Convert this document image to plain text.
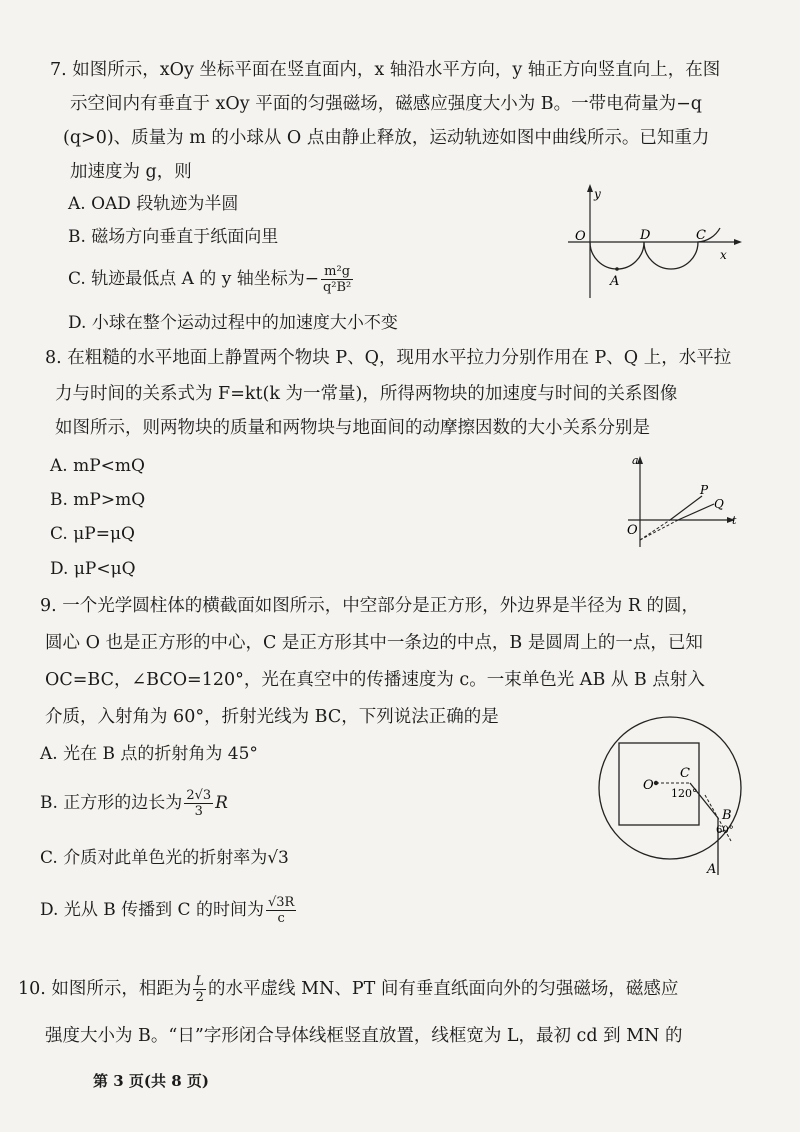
7. 如图所示，xOy 坐标平面在竖直面内，x 轴沿水平方向，y 轴正方向竖直向上，在图
示空间内有垂直于 xOy 平面的匀强磁场，磁感应强度大小为 B。一带电荷量为−q
(q>0)、质量为 m 的小球从 O 点由静止释放，运动轨迹如图中曲线所示。已知重力
加速度为 g，则
A. OAD 段轨迹为半圆
B. 磁场方向垂直于纸面向里
C. 轨迹最低点 A 的 y 轴坐标为− $\frac{\text{m²g}}{\text{q²B²}}$
D. 小球在整个运动过程中的加速度大小不变
y
x
O	D	C
A
8. 在粗糙的水平地面上静置两个物块 P、Q，现用水平拉力分别作用在 P、Q 上，水平拉
力与时间的关系式为 F=kt(k 为一常量)，所得两物块的加速度与时间的关系图像
如图所示，则两物块的质量和两物块与地面间的动摩擦因数的大小关系分别是
A. mP<mQ
B. mP>mQ
C. μP=μQ
D. μP<μQ
a
t
O
P
Q
9. 一个光学圆柱体的横截面如图所示，中空部分是正方形，外边界是半径为 R 的圆，
圆心 O 也是正方形的中心，C 是正方形其中一条边的中点，B 是圆周上的一点，已知
OC=BC，∠BCO=120°，光在真空中的传播速度为 c。一束单色光 AB 从 B 点射入
介质，入射角为 60°，折射光线为 BC，下列说法正确的是
A. 光在 B 点的折射角为 45°
B. 正方形的边长为 $\frac{2√3}{3}$ R
C. 介质对此单色光的折射率为√3
D. 光从 B 传播到 C 的时间为 $\frac{√3R}{c}$
O
C
120°
B
60°
A
10. 如图所示，相距为 $\frac{L}{2}$ 的水平虚线 MN、PT 间有垂直纸面向外的匀强磁场，磁感应
强度大小为 B。“日”字形闭合导体线框竖直放置，线框宽为 L，最初 cd 到 MN 的
第 3 页(共 8 页)
